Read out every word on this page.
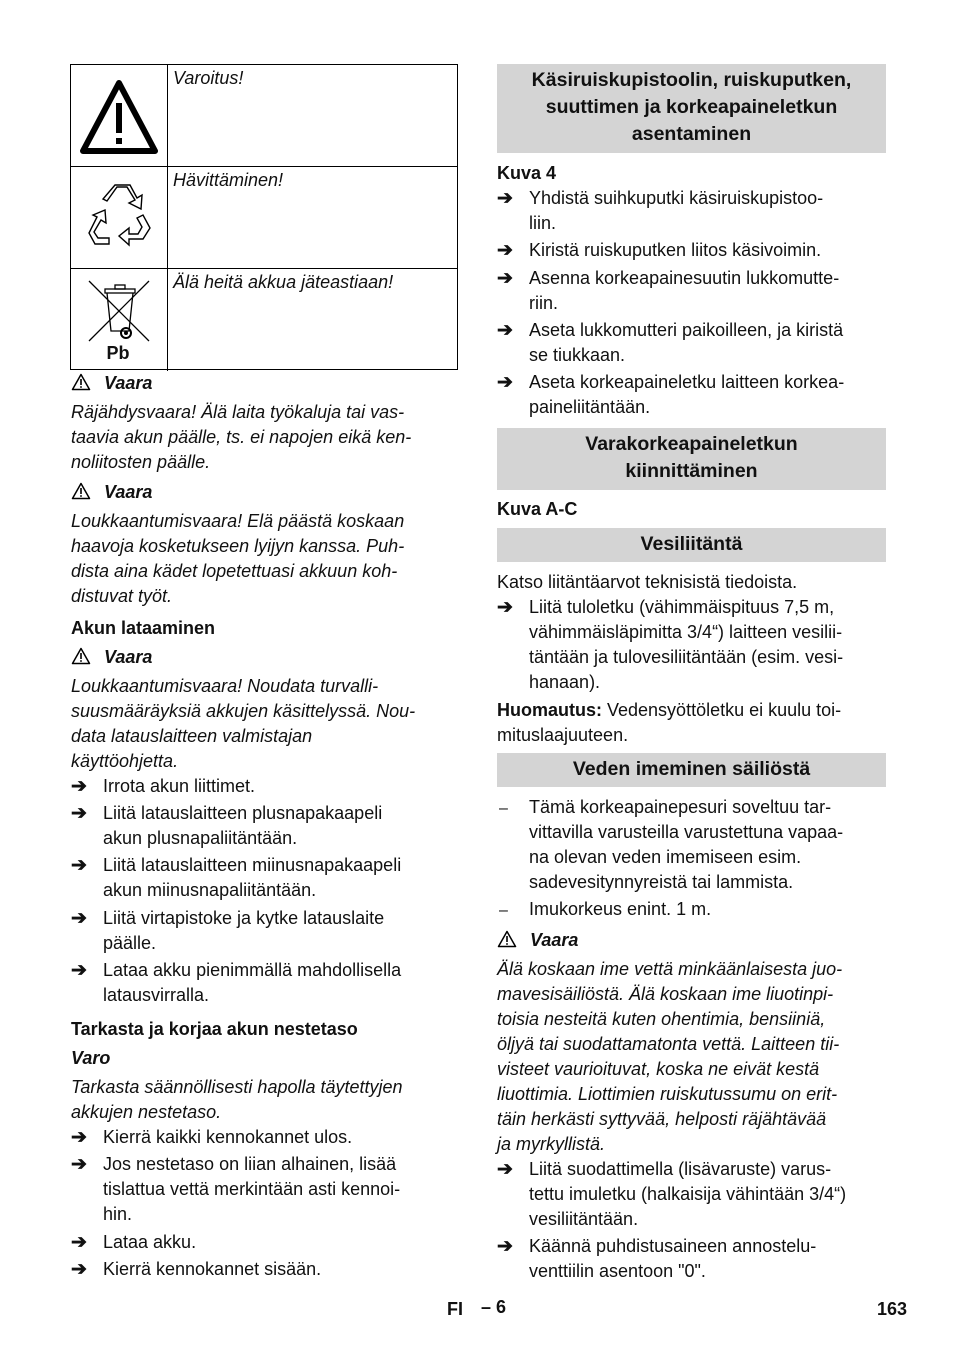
Varoitus!
Hävittäminen!
Pb
Älä heitä akkua jäteastiaan!
Vaara
Räjähdysvaara! Älä laita työkaluja tai vas-
taavia akun päälle, ts. ei napojen eikä ken-
noliitosten päälle.
Vaara
Loukkaantumisvaara! Elä päästä koskaan
haavoja kosketukseen lyijyn kanssa. Puh-
dista aina kädet lopetettuasi akkuun koh-
distuvat työt.
Akun lataaminen
Vaara
Loukkaantumisvaara! Noudata turvalli-
suusmääräyksiä akkujen käsittelyssä. Nou-
data latauslaitteen valmistajan
käyttöohjetta.
➔ Irrota akun liittimet.
➔ Liitä latauslaitteen plusnapakaapeli
akun plusnapaliitäntään.
➔ Liitä latauslaitteen miinusnapakaapeli
akun miinusnapaliitäntään.
➔ Liitä virtapistoke ja kytke latauslaite
päälle.
➔ Lataa akku pienimmällä mahdollisella
latausvirralla.
Tarkasta ja korjaa akun nestetaso
Varo
Tarkasta säännöllisesti hapolla täytettyjen
akkujen nestetaso.
➔ Kierrä kaikki kennokannet ulos.
➔ Jos nestetaso on liian alhainen, lisää
tislattua vettä merkintään asti kennoi-
hin.
➔ Lataa akku.
➔ Kierrä kennokannet sisään.
Käsiruiskupistoolin, ruiskuputken,
suuttimen ja korkeapaineletkun
asentaminen
Kuva 4
➔ Yhdistä suihkuputki käsiruiskupistoo-
liin.
➔ Kiristä ruiskuputken liitos käsivoimin.
➔ Asenna korkeapainesuutin lukkomutte-
riin.
➔ Aseta lukkomutteri paikoilleen, ja kiristä
se tiukkaan.
➔ Aseta korkeapaineletku laitteen korkea-
paineliitäntään.
Varakorkeapaineletkun
kiinnittäminen
Kuva A-C
Vesiliitäntä
Katso liitäntäarvot teknisistä tiedoista.
➔ Liitä tuloletku (vähimmäispituus 7,5 m,
vähimmäisläpimitta 3/4“) laitteen vesilii-
täntään ja tulovesiliitäntään (esim. vesi-
hanaan).
Huomautus: Vedensyöttöletku ei kuulu toi-
mituslaajuuteen.
Veden imeminen säiliöstä
– Tämä korkeapainepesuri soveltuu tar-
vittavilla varusteilla varustettuna vapaa-
na olevan veden imemiseen esim.
sadevesitynnyreistä tai lammista.
– Imukorkeus enint. 1 m.
Vaara
Älä koskaan ime vettä minkäänlaisesta juo-
mavesisäiliöstä. Älä koskaan ime liuotinpi-
toisia nesteitä kuten ohentimia, bensiiniä,
öljyä tai suodattamatonta vettä. Laitteen tii-
visteet vaurioituvat, koska ne eivät kestä
liuottimia. Liottimien ruiskutussumu on erit-
täin herkästi syttyvää, helposti räjähtävää
ja myrkyllistä.
➔ Liitä suodattimella (lisävaruste) varus-
tettu imuletku (halkaisija vähintään 3/4“)
vesiliitäntään.
➔ Käännä puhdistusaineen annostelu-
venttiilin asentoon "0".
FI – 6	163
